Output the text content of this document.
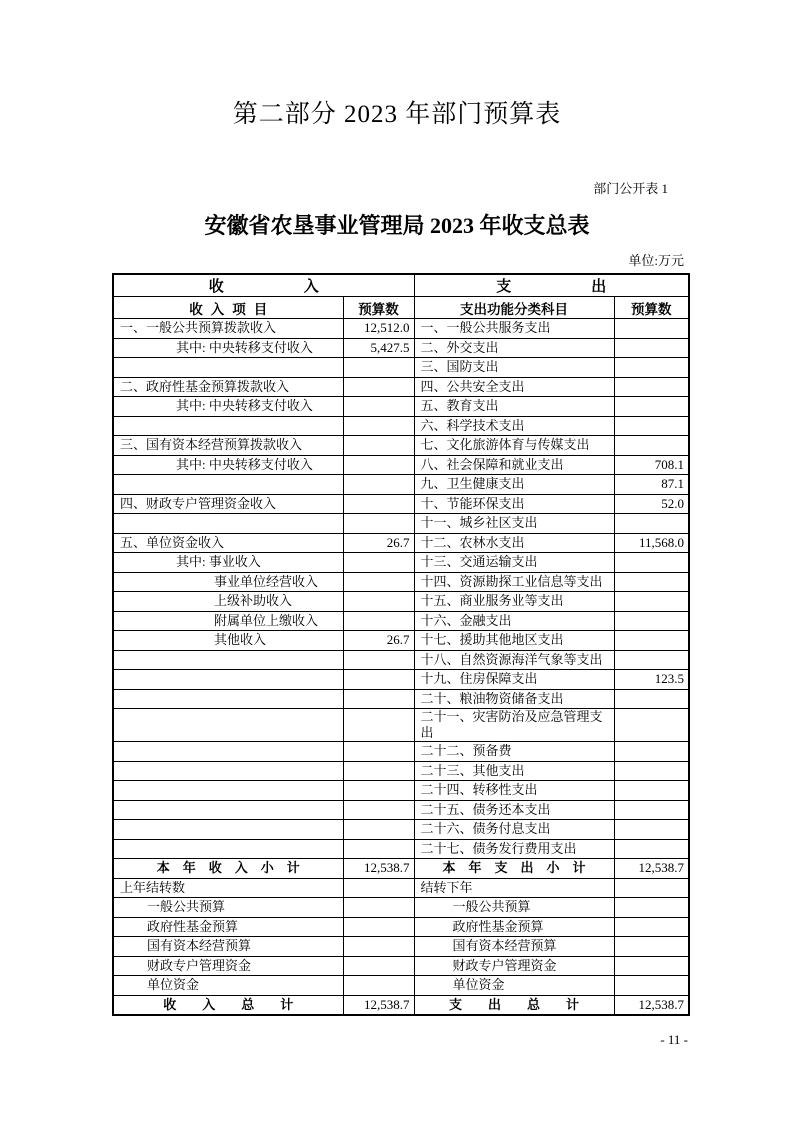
第二部分 2023 年部门预算表
部门公开表 1
安徽省农垦事业管理局 2023 年收支总表
单位:万元
收入		支出	
收入项目	预算数	支出功能分类科目	预算数
一、一般公共预算拨款收入	12,512.0	一、一般公共服务支出	
其中: 中央转移支付收入	5,427.5	二、外交支出	
		三、国防支出	
二、政府性基金预算拨款收入		四、公共安全支出	
其中: 中央转移支付收入		五、教育支出	
		六、科学技术支出	
三、国有资本经营预算拨款收入		七、文化旅游体育与传媒支出	
其中: 中央转移支付收入		八、社会保障和就业支出	708.1
		九、卫生健康支出	87.1
四、财政专户管理资金收入		十、节能环保支出	52.0
		十一、城乡社区支出	
五、单位资金收入	26.7	十二、农林水支出	11,568.0
其中: 事业收入		十三、交通运输支出	
事业单位经营收入		十四、资源勘探工业信息等支出	
上级补助收入		十五、商业服务业等支出	
附属单位上缴收入		十六、金融支出	
其他收入	26.7	十七、援助其他地区支出	
		十八、自然资源海洋气象等支出	
		十九、住房保障支出	123.5
		二十、粮油物资储备支出	
		二十一、灾害防治及应急管理支出	
		二十二、预备费	
		二十三、其他支出	
		二十四、转移性支出	
		二十五、债务还本支出	
		二十六、债务付息支出	
		二十七、债务发行费用支出	
本　年　收　入　小　计	12,538.7	本　年　支　出　小　计	12,538.7
上年结转数		结转下年	
一般公共预算		一般公共预算	
政府性基金预算		政府性基金预算	
国有资本经营预算		国有资本经营预算	
财政专户管理资金		财政专户管理资金	
单位资金		单位资金	
收　　入　　总　　计	12,538.7	支　　出　　总　　计	12,538.7
- 11 -
